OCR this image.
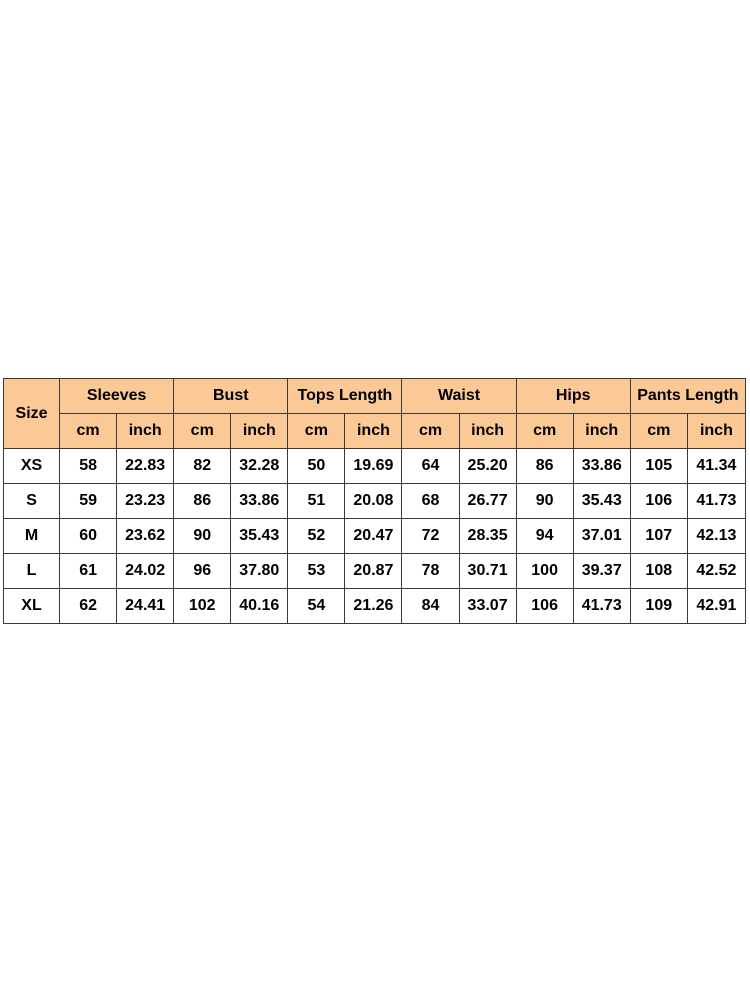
Size	Sleeves		Bust		Tops Length		Waist		Hips		Pants Length	
	cm	inch	cm	inch	cm	inch	cm	inch	cm	inch	cm	inch
XS	58	22.83	82	32.28	50	19.69	64	25.20	86	33.86	105	41.34
S	59	23.23	86	33.86	51	20.08	68	26.77	90	35.43	106	41.73
M	60	23.62	90	35.43	52	20.47	72	28.35	94	37.01	107	42.13
L	61	24.02	96	37.80	53	20.87	78	30.71	100	39.37	108	42.52
XL	62	24.41	102	40.16	54	21.26	84	33.07	106	41.73	109	42.91
